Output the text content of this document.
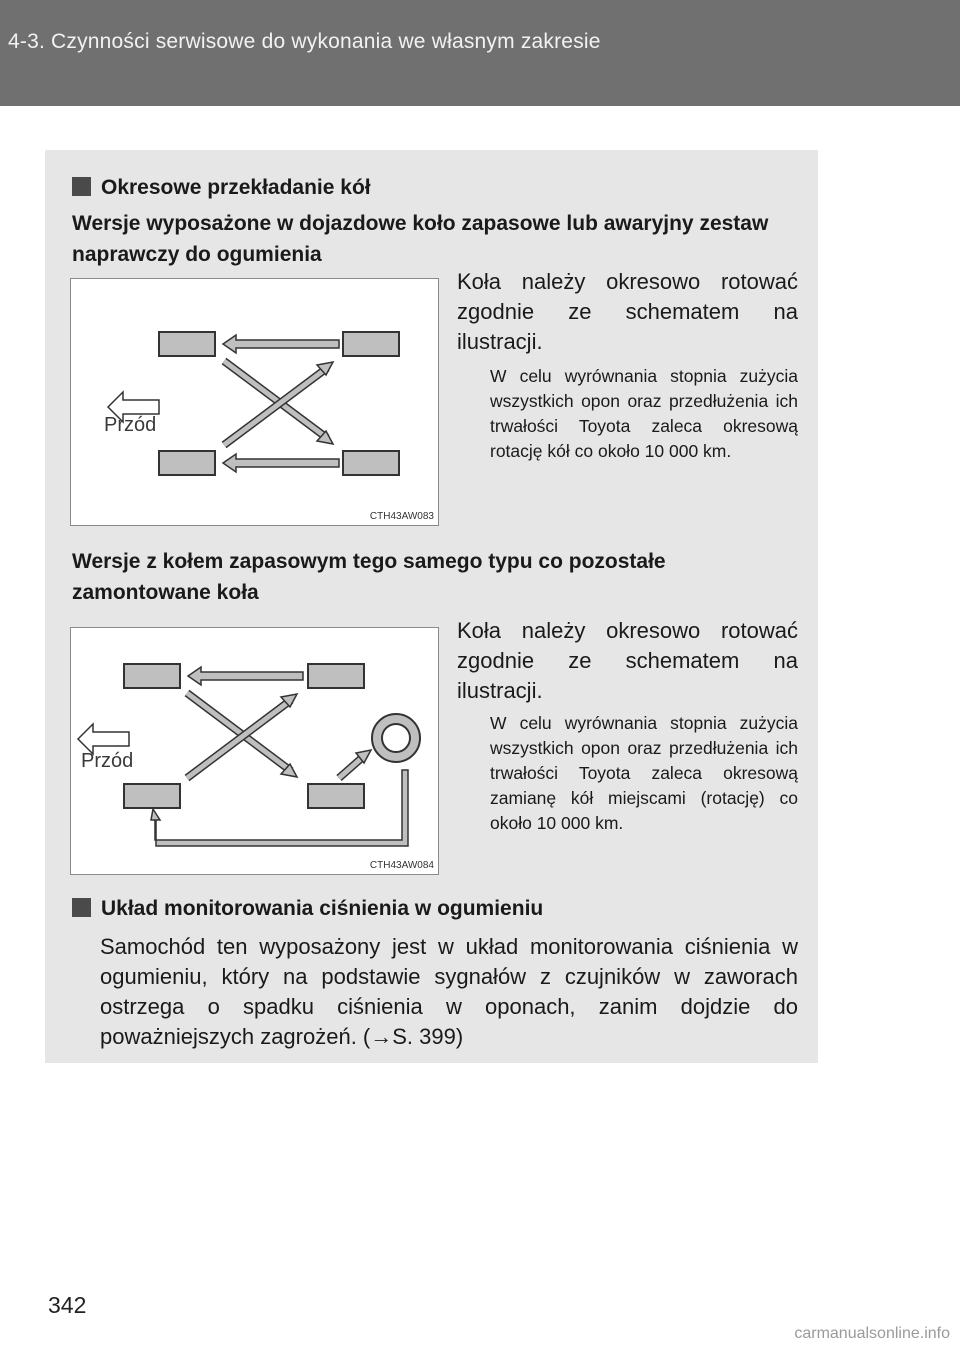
4-3. Czynności serwisowe do wykonania we własnym zakresie
Okresowe przekładanie kół
Wersje wyposażone w dojazdowe koło zapasowe lub awaryjny zestaw naprawczy do ogumienia
Przód
CTH43AW083
Koła należy okresowo rotować zgodnie ze schematem na ilustracji.
W celu wyrównania stopnia zużycia wszystkich opon oraz przedłużenia ich trwałości Toyota zaleca okresową rotację kół co około 10 000 km.
Wersje z kołem zapasowym tego samego typu co pozostałe zamontowane koła
Przód
CTH43AW084
Koła należy okresowo rotować zgodnie ze schematem na ilustracji.
W celu wyrównania stopnia zużycia wszystkich opon oraz przedłużenia ich trwałości Toyota zaleca okresową zamianę kół miejscami (rotację) co około 10 000 km.
Układ monitorowania ciśnienia w ogumieniu
Samochód ten wyposażony jest w układ monitorowania ciśnienia w ogumieniu, który na podstawie sygnałów z czujników w zaworach ostrzega o spadku ciśnienia w oponach, zanim dojdzie do poważniejszych zagrożeń. (→S. 399)
342
carmanualsonline.info
